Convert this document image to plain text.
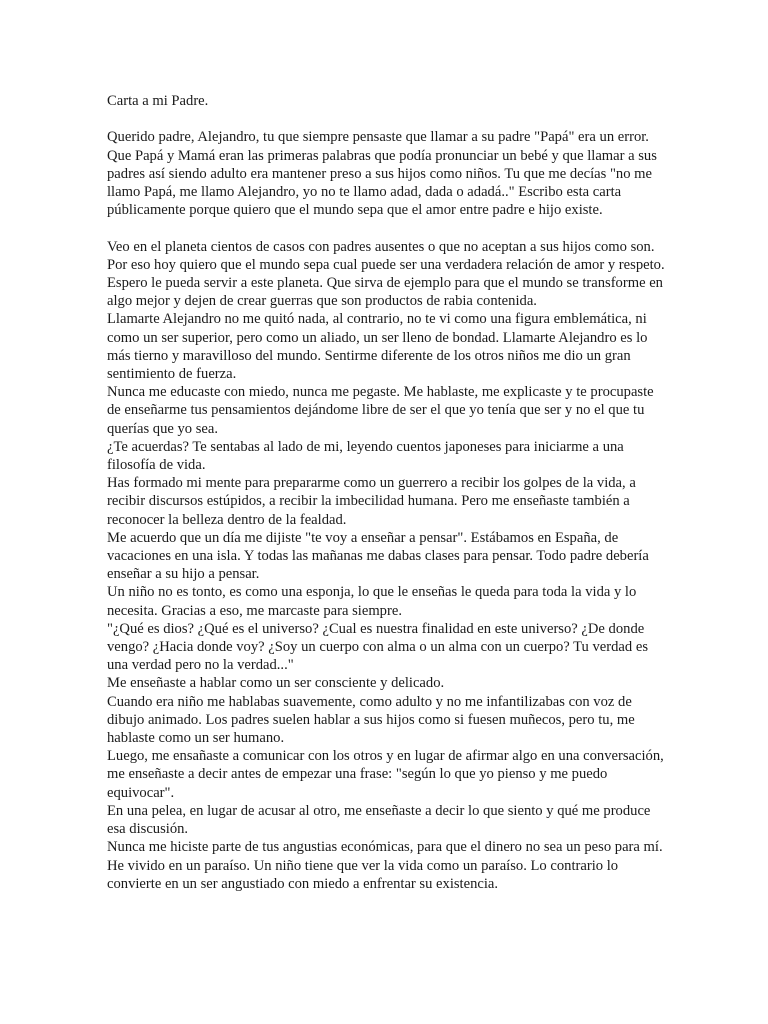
Carta a mi Padre.

Querido padre, Alejandro, tu que siempre pensaste que llamar a su padre "Papá" era un error. Que Papá y Mamá eran las primeras palabras que podía pronunciar un bebé y que llamar a sus padres así siendo adulto era mantener preso a sus hijos como niños. Tu que me decías "no me llamo Papá, me llamo Alejandro, yo no te llamo adad, dada o adadá.." Escribo esta carta públicamente porque quiero que el mundo sepa que el amor entre padre e hijo existe.

Veo en el planeta cientos de casos con padres ausentes o que no aceptan a sus hijos como son.

Por eso hoy quiero que el mundo sepa cual puede ser una verdadera relación de amor y respeto. Espero le pueda servir a este planeta. Que sirva de ejemplo para que el mundo se transforme en algo mejor y dejen de crear guerras que son productos de rabia contenida.

Llamarte Alejandro no me quitó nada, al contrario, no te vi como una figura emblemática, ni como un ser superior, pero como un aliado, un ser lleno de bondad. Llamarte Alejandro es lo más tierno y maravilloso del mundo. Sentirme diferente de los otros niños me dio un gran sentimiento de fuerza.

Nunca me educaste con miedo, nunca me pegaste. Me hablaste, me explicaste y te procupaste de enseñarme tus pensamientos dejándome libre de ser el que yo tenía que ser y no el que tu querías que yo sea.

¿Te acuerdas? Te sentabas al lado de mi, leyendo cuentos japoneses para iniciarme a una filosofía de vida.

Has formado mi mente para prepararme como un guerrero a recibir los golpes de la vida, a recibir discursos estúpidos, a recibir la imbecilidad humana. Pero me enseñaste también a reconocer la belleza dentro de la fealdad.

Me acuerdo que un día me dijiste "te voy a enseñar a pensar". Estábamos en España, de vacaciones en una isla. Y todas las mañanas me dabas clases para pensar. Todo padre debería enseñar a su hijo a pensar.

Un niño no es tonto, es como una esponja, lo que le enseñas le queda para toda la vida y lo necesita. Gracias a eso, me marcaste para siempre.

"¿Qué es dios? ¿Qué es el universo? ¿Cual es nuestra finalidad en este universo? ¿De donde vengo? ¿Hacia donde voy? ¿Soy un cuerpo con alma o un alma con un cuerpo? Tu verdad es una verdad pero no la verdad..."

Me enseñaste a hablar como un ser consciente y delicado.

Cuando era niño me hablabas suavemente, como adulto y no me infantilizabas con voz de dibujo animado. Los padres suelen hablar a sus hijos como si fuesen muñecos, pero tu, me hablaste como un ser humano.

Luego, me ensañaste a comunicar con los otros y en lugar de afirmar algo en una conversación, me enseñaste a decir antes de empezar una frase: "según lo que yo pienso y me puedo equivocar".

En una pelea, en lugar de acusar al otro, me enseñaste a decir lo que siento y qué me produce esa discusión.

Nunca me hiciste parte de tus angustias económicas, para que el dinero no sea un peso para mí.

He vivido en un paraíso. Un niño tiene que ver la vida como un paraíso. Lo contrario lo convierte en un ser angustiado con miedo a enfrentar su existencia.
